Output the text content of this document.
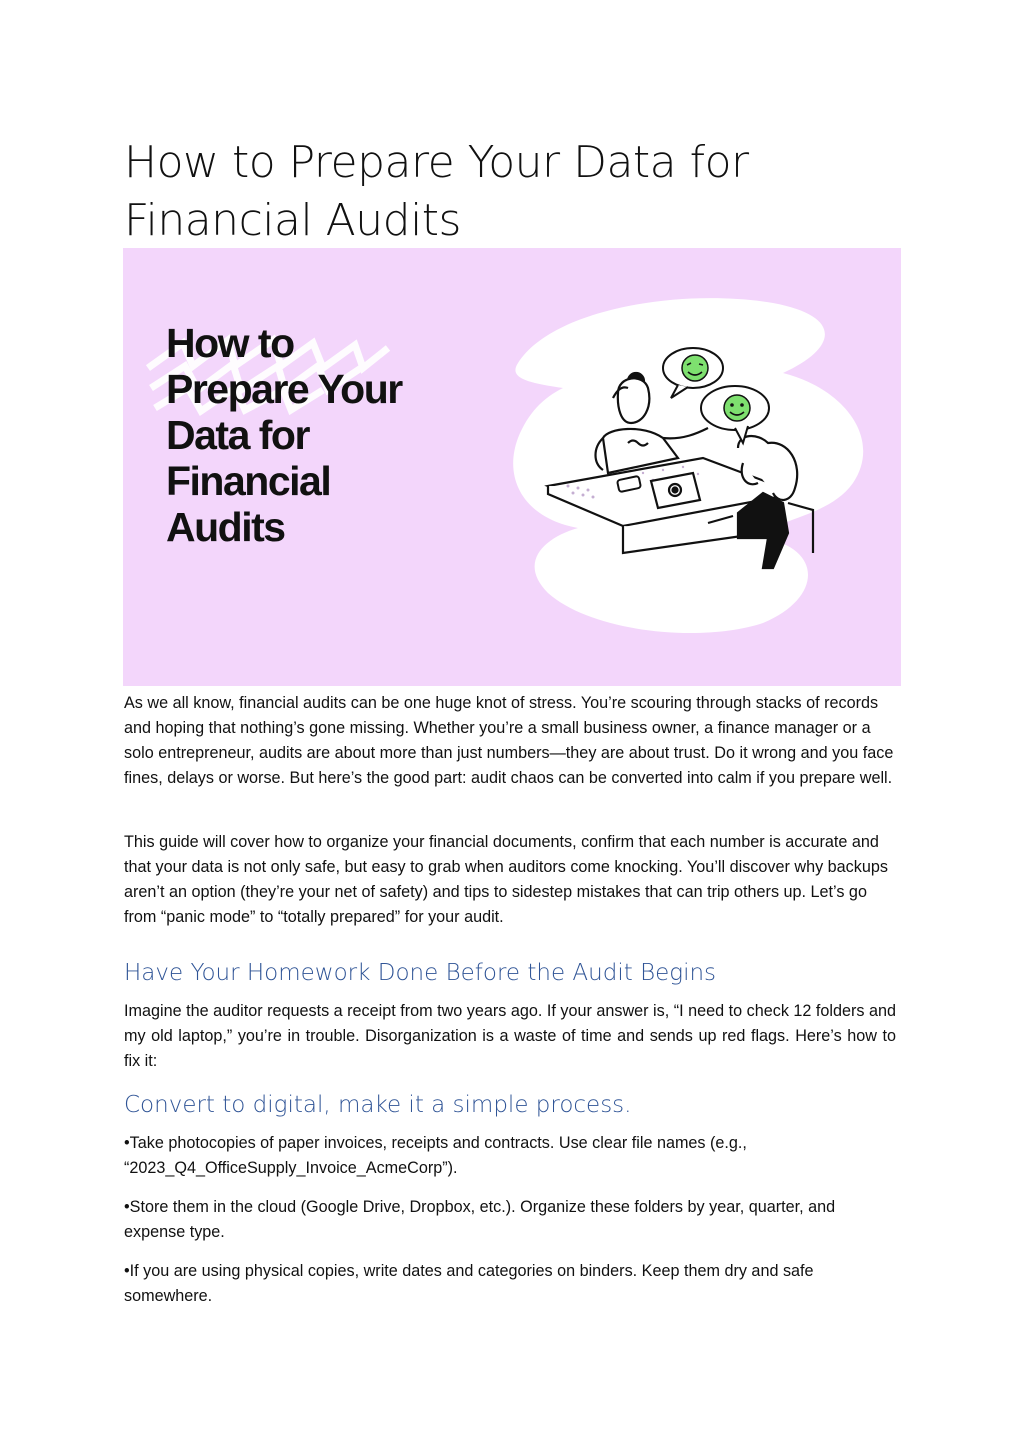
How to Prepare Your Data for Financial Audits
How to
Prepare Your
Data for
Financial
Audits

As we all know, financial audits can be one huge knot of stress. You’re scouring through stacks of records and hoping that nothing’s gone missing. Whether you’re a small business owner, a finance manager or a solo entrepreneur, audits are about more than just numbers—they are about trust. Do it wrong and you face fines, delays or worse. But here’s the good part: audit chaos can be converted into calm if you prepare well.

This guide will cover how to organize your financial documents, confirm that each number is accurate and that your data is not only safe, but easy to grab when auditors come knocking. You’ll discover why backups aren’t an option (they’re your net of safety) and tips to sidestep mistakes that can trip others up. Let’s go from “panic mode” to “totally prepared” for your audit.

Have Your Homework Done Before the Audit Begins

Imagine the auditor requests a receipt from two years ago. If your answer is, “I need to check 12 folders and my old laptop,” you’re in trouble. Disorganization is a waste of time and sends up red flags. Here’s how to fix it:

Convert to digital, make it a simple process.
•Take photocopies of paper invoices, receipts and contracts. Use clear file names (e.g., “2023_Q4_OfficeSupply_Invoice_AcmeCorp”).
•Store them in the cloud (Google Drive, Dropbox, etc.). Organize these folders by year, quarter, and expense type.
•If you are using physical copies, write dates and categories on binders. Keep them dry and safe somewhere.
